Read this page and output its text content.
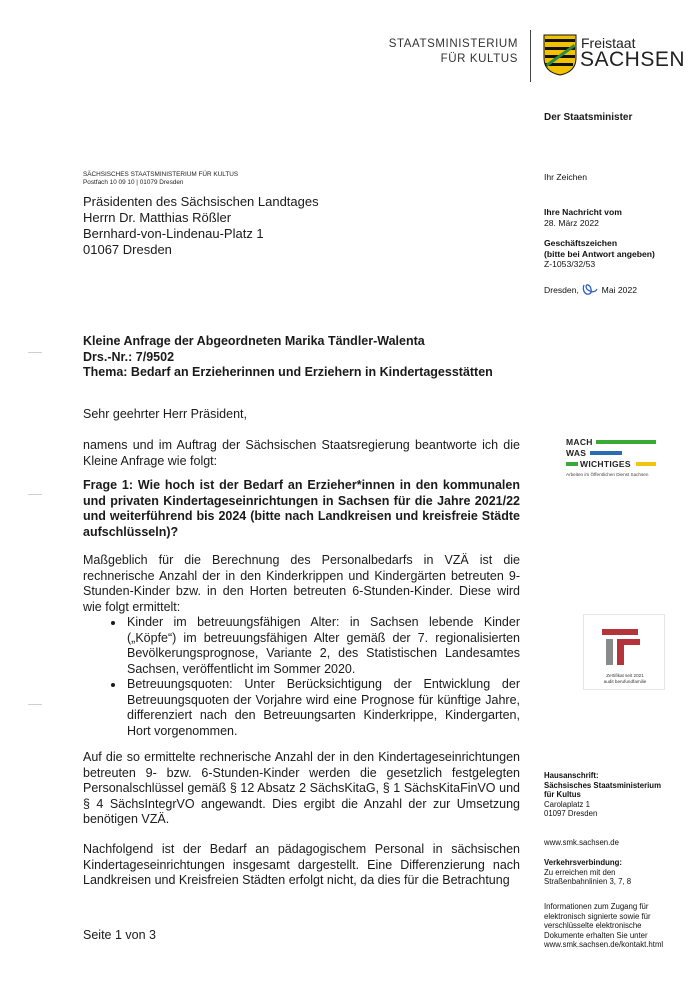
STAATSMINISTERIUM
FÜR KULTUS
Freistaat
SACHSEN
Der Staatsminister
SÄCHSISCHES STAATSMINISTERIUM FÜR KULTUS
Postfach 10 09 10 | 01079 Dresden
Präsidenten des Sächsischen Landtages
Herrn Dr. Matthias Rößler
Bernhard-von-Lindenau-Platz 1
01067 Dresden
Ihr Zeichen
Ihre Nachricht vom
28. März 2022
Geschäftszeichen
(bitte bei Antwort angeben)
Z-1053/32/53
Dresden,	Mai 2022
Kleine Anfrage der Abgeordneten Marika Tändler-Walenta
Drs.-Nr.: 7/9502
Thema: Bedarf an Erzieherinnen und Erziehern in Kindertagesstätten
Sehr geehrter Herr Präsident,
namens und im Auftrag der Sächsischen Staatsregierung beantworte ich die Kleine Anfrage wie folgt:
Frage 1: Wie hoch ist der Bedarf an Erzieher*innen in den kommunalen und privaten Kindertageseinrichtungen in Sachsen für die Jahre 2021/22 und weiterführend bis 2024 (bitte nach Landkreisen und kreisfreie Städte aufschlüsseln)?
Maßgeblich für die Berechnung des Personalbedarfs in VZÄ ist die rechnerische Anzahl der in den Kinderkrippen und Kindergärten betreuten 9-Stunden-Kinder bzw. in den Horten betreuten 6-Stunden-Kinder. Diese wird wie folgt ermittelt:
• Kinder im betreuungsfähigen Alter: in Sachsen lebende Kinder („Köpfe“) im betreuungsfähigen Alter gemäß der 7. regionalisierten Bevölkerungsprognose, Variante 2, des Statistischen Landesamtes Sachsen, veröffentlicht im Sommer 2020.
• Betreuungsquoten: Unter Berücksichtigung der Entwicklung der Betreuungsquoten der Vorjahre wird eine Prognose für künftige Jahre, differenziert nach den Betreuungsarten Kinderkrippe, Kindergarten, Hort vorgenommen.
Auf die so ermittelte rechnerische Anzahl der in den Kindertageseinrichtungen betreuten 9- bzw. 6-Stunden-Kinder werden die gesetzlich festgelegten Personalschlüssel gemäß § 12 Absatz 2 SächsKitaG, § 1 SächsKitaFinVO und § 4 SächsIntegrVO angewandt. Dies ergibt die Anzahl der zur Umsetzung benötigen VZÄ.
Nachfolgend ist der Bedarf an pädagogischem Personal in sächsischen Kindertageseinrichtungen insgesamt dargestellt. Eine Differenzierung nach Landkreisen und Kreisfreien Städten erfolgt nicht, da dies für die Betrachtung
MACH
WAS
WICHTIGES
Arbeiten im Öffentlichen Dienst Sachsen
Zertifikat seit 2021
audit berufundfamilie
Hausanschrift:
Sächsisches Staatsministerium
für Kultus
Carolaplatz 1
01097 Dresden
www.smk.sachsen.de
Verkehrsverbindung:
Zu erreichen mit den
Straßenbahnlinien 3, 7, 8
Informationen zum Zugang für
elektronisch signierte sowie für
verschlüsselte elektronische
Dokumente erhalten Sie unter
www.smk.sachsen.de/kontakt.html
Seite 1 von 3
